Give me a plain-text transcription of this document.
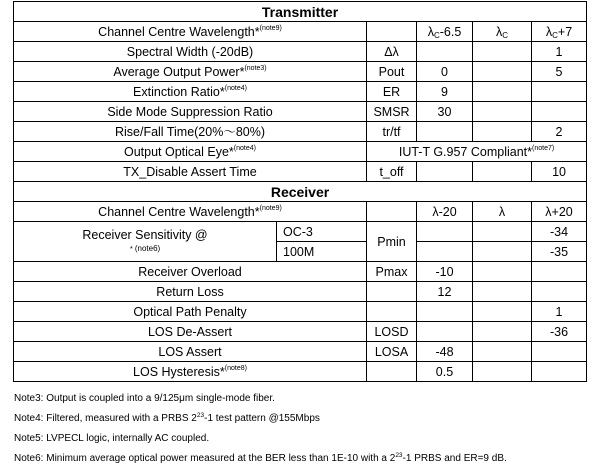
Transmitter						
Channel Centre Wavelength*$^{(note9)}$			$\lambda_C-6.5$	$\lambda_C$	$\lambda_C+7$	
Spectral Width (-20dB)		Δλ			1	
Average Output Power*$^{(note3)}$		Pout	0		5	
Extinction Ratio*$^{(note4)}$		ER	9			
Side Mode Suppression Ratio		SMSR	30			
Rise/Fall Time(20%～80%)		tr/tf			2	
Output Optical Eye*$^{(note4)}$		IUT-T G.957 Compliant*$^{(note7)}$
TX_Disable Assert Time		t_off			10	
Receiver						
Channel Centre Wavelength*$^{(note9)}$			λ-20	λ	λ+20	

Receiver Sensitivity @
* (note6)	OC-3	Pmin			-34	
	100M				-35	
Receiver Overload		Pmax	-10			
Return Loss			12			
Optical Path Penalty					1	
LOS De-Assert		LOSD			-36	
LOS Assert		LOSA	-48			
LOS Hysteresis*$^{(note8)}$			0.5			
Note3: Output is coupled into a 9/125μm single-mode fiber.
Note4: Filtered, measured with a PRBS $2^{23}-1$ test pattern @155Mbps
Note5: LVPECL logic, internally AC coupled.
Note6: Minimum average optical power measured at the BER less than 1E-10 with a $2^{23}-1$ PRBS and ER=9 dB.
